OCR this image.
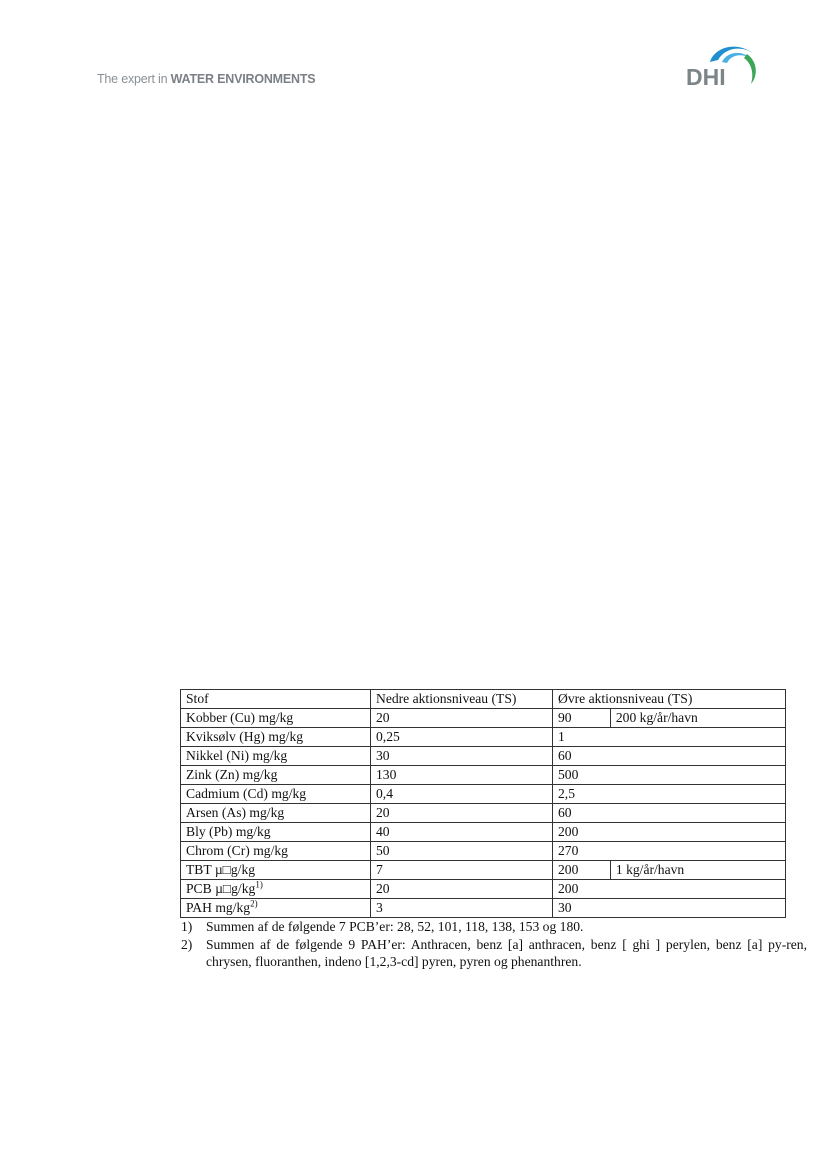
The expert in WATER ENVIRONMENTS	DHI
Stof	Nedre aktionsniveau (TS)	Øvre aktionsniveau (TS)	
Kobber (Cu) mg/kg	20	90	200 kg/år/havn
Kviksølv (Hg) mg/kg	0,25	1	
Nikkel (Ni) mg/kg	30	60	
Zink (Zn) mg/kg	130	500	
Cadmium (Cd) mg/kg	0,4	2,5	
Arsen (As) mg/kg	20	60	
Bly (Pb) mg/kg	40	200	
Chrom (Cr) mg/kg	50	270	
TBT µ□g/kg	7	200	1 kg/år/havn
PCB $\mu□g/kg^{1)}$	20	200	
PAH $mg/kg^{2)}$	3	30	
1) Summen af de følgende 7 PCB’er: 28, 52, 101, 118, 138, 153 og 180.
2) Summen af de følgende 9 PAH’er: Anthracen, benz [a] anthracen, benz [ ghi ] perylen, benz [a] py-ren, chrysen, fluoranthen, indeno [1,2,3-cd] pyren, pyren og phenanthren.
